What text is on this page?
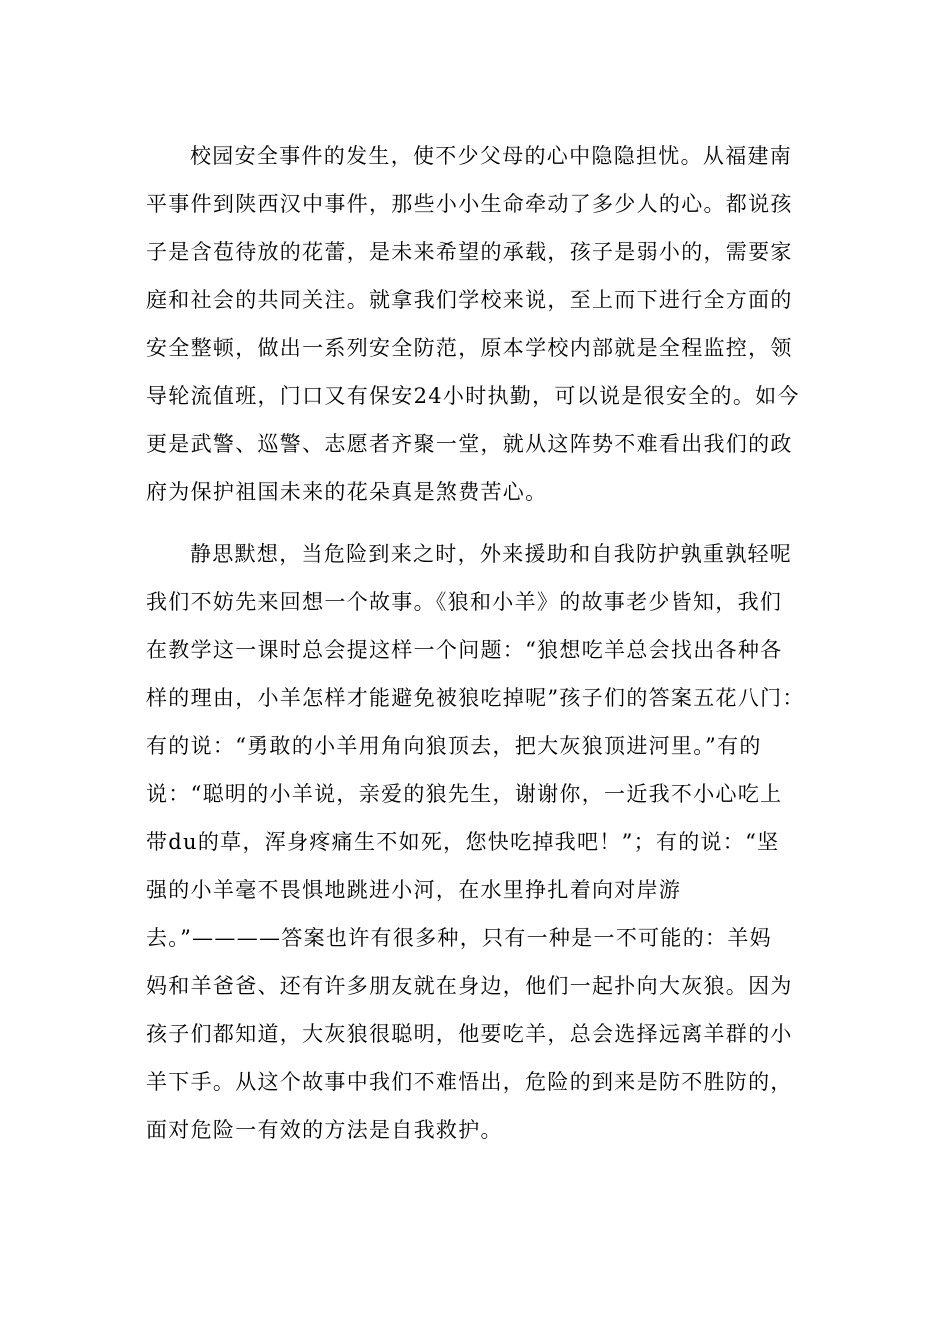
校园安全事件的发生，使不少父母的心中隐隐担忧。从福建南
平事件到陕西汉中事件，那些小小生命牵动了多少人的心。都说孩
子是含苞待放的花蕾，是未来希望的承载，孩子是弱小的，需要家
庭和社会的共同关注。就拿我们学校来说，至上而下进行全方面的
安全整顿，做出一系列安全防范，原本学校内部就是全程监控，领
导轮流值班，门口又有保安24小时执勤，可以说是很安全的。如今
更是武警、巡警、志愿者齐聚一堂，就从这阵势不难看出我们的政
府为保护祖国未来的花朵真是煞费苦心。
静思默想，当危险到来之时，外来援助和自我防护孰重孰轻呢
我们不妨先来回想一个故事。《狼和小羊》的故事老少皆知，我们
在教学这一课时总会提这样一个问题：“狼想吃羊总会找出各种各
样的理由，小羊怎样才能避免被狼吃掉呢”孩子们的答案五花八门：
有的说：“勇敢的小羊用角向狼顶去，把大灰狼顶进河里。”有的
说：“聪明的小羊说，亲爱的狼先生，谢谢你，一近我不小心吃上
带du的草，浑身疼痛生不如死，您快吃掉我吧！”；有的说：“坚
强的小羊毫不畏惧地跳进小河，在水里挣扎着向对岸游
去。”————答案也许有很多种，只有一种是一不可能的：羊妈
妈和羊爸爸、还有许多朋友就在身边，他们一起扑向大灰狼。因为
孩子们都知道，大灰狼很聪明，他要吃羊，总会选择远离羊群的小
羊下手。从这个故事中我们不难悟出，危险的到来是防不胜防的，
面对危险一有效的方法是自我救护。
